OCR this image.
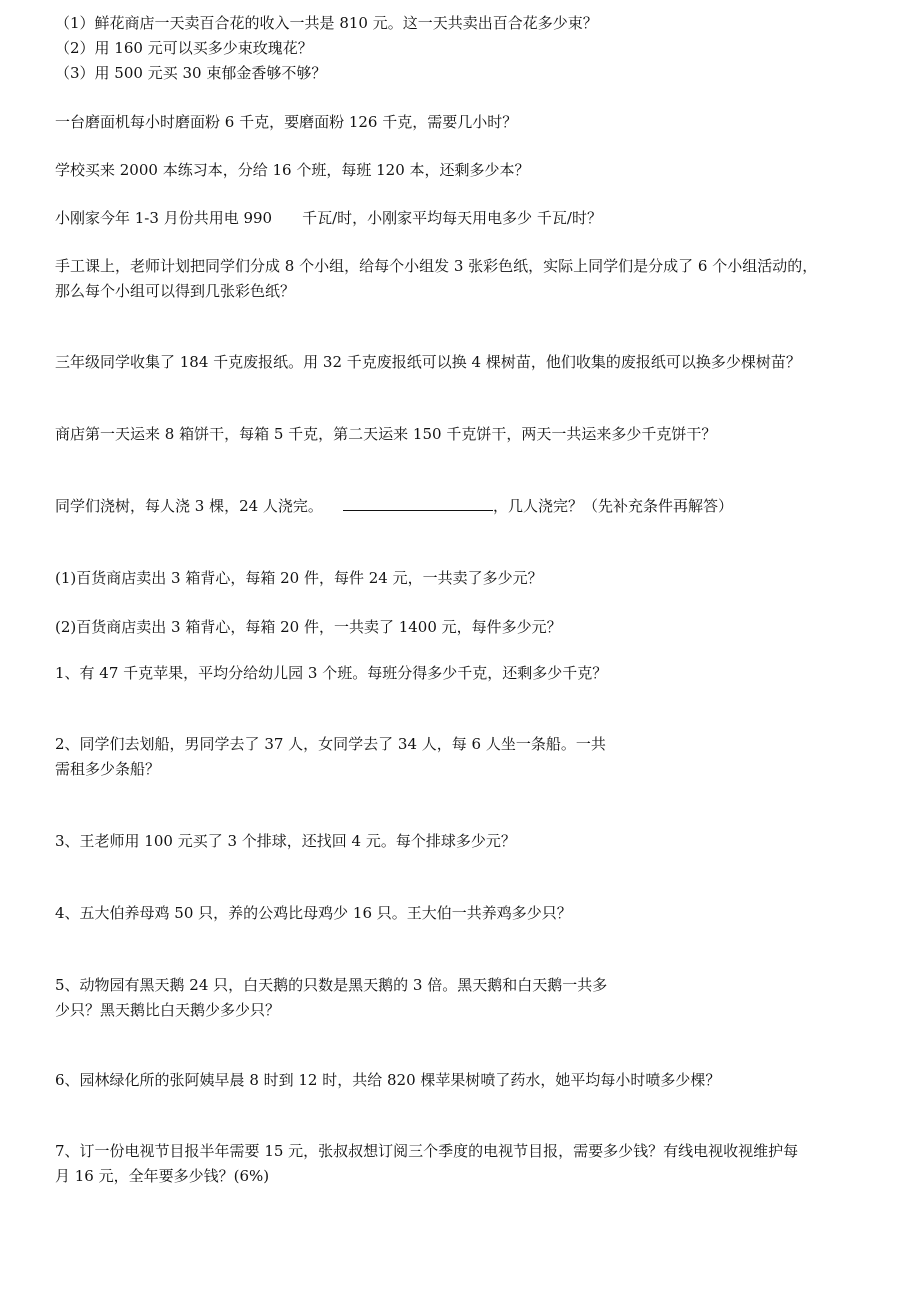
（1）鲜花商店一天卖百合花的收入一共是 810 元。这一天共卖出百合花多少束？

（2）用 160 元可以买多少束玫瑰花？

（3）用 500 元买 30 束郁金香够不够？

一台磨面机每小时磨面粉 6 千克，要磨面粉 126 千克，需要几小时？

学校买来 2000 本练习本，分给 16 个班，每班 120 本，还剩多少本？

小刚家今年 1-3 月份共用电 990　　千瓦/时，小刚家平均每天用电多少 千瓦/时？

手工课上，老师计划把同学们分成 8 个小组，给每个小组发 3 张彩色纸，实际上同学们是分成了 6 个小组活动的，

那么每个小组可以得到几张彩色纸？

三年级同学收集了 184 千克废报纸。用 32 千克废报纸可以换 4 棵树苗，他们收集的废报纸可以换多少棵树苗？

商店第一天运来 8 箱饼干，每箱 5 千克，第二天运来 150 千克饼干，两天一共运来多少千克饼干？

同学们浇树，每人浇 3 棵，24 人浇完。	，几人浇完？（先补充条件再解答）

(1)百货商店卖出 3 箱背心，每箱 20 件，每件 24 元，一共卖了多少元？

(2)百货商店卖出 3 箱背心，每箱 20 件，一共卖了 1400 元，每件多少元？

1、有 47 千克苹果，平均分给幼儿园 3 个班。每班分得多少千克，还剩多少千克？

2、同学们去划船，男同学去了 37 人，女同学去了 34 人，每 6 人坐一条船。一共

需租多少条船？

3、王老师用 100 元买了 3 个排球，还找回 4 元。每个排球多少元？

4、五大伯养母鸡 50 只，养的公鸡比母鸡少 16 只。王大伯一共养鸡多少只？

5、动物园有黑天鹅 24 只，白天鹅的只数是黑天鹅的 3 倍。黑天鹅和白天鹅一共多

少只？黑天鹅比白天鹅少多少只？

6、园林绿化所的张阿姨早晨 8 时到 12 时，共给 820 棵苹果树喷了药水，她平均每小时喷多少棵？

7、订一份电视节目报半年需要 15 元，张叔叔想订阅三个季度的电视节目报，需要多少钱？有线电视收视维护每

月 16 元，全年要多少钱？(6%)
